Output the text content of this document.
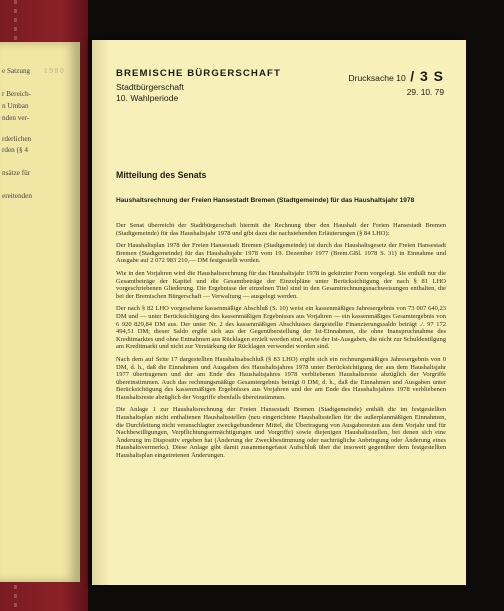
e Satzung 1 9 8 0
r Bereich-
n Umban
nden ver-
rderlichen
rden (§ 4
nsätze für
ereitenden
BREMISCHE BÜRGERSCHAFT
Stadtbürgerschaft
10. Wahlperiode
Drucksache 10 / 3 S
29. 10. 79
Mitteilung des Senats
Haushaltsrechnung der Freien Hansestadt Bremen (Stadtgemeinde) für das Haushaltsjahr 1978

Der Senat überreicht der Stadtbürgerschaft hiermit die Rechnung über den Haushalt der Freien Hansestadt Bremen (Stadtgemeinde) für das Haushaltsjahr 1978 und gibt dazu die nachstehenden Erläuterungen (§ 84 LHO):

Der Haushaltsplan 1978 der Freien Hansestadt Bremen (Stadtgemeinde) ist durch das Haushaltsgesetz der Freien Hansestadt Bremen (Stadtgemeinde) für das Haushaltsjahr 1978 vom 19. Dezember 1977 (Brem.GBl. 1978 S. 31) in Einnahme und Ausgabe auf 2 072 983 210,— DM festgestellt worden.

Wie in den Vorjahren wird die Haushaltsrechnung für das Haushaltsjahr 1978 in gekürzter Form vorgelegt. Sie enthält nur die Gesamtbeträge der Kapitel und die Gesamtbeträge der Einzelpläne unter Berücksichtigung der nach § 81 LHO vorgeschriebenen Gliederung. Die Ergebnisse der einzelnen Titel sind in den Gesamtrechnungsnachweisungen enthalten, die bei der Bremischen Bürgerschaft — Verwaltung — ausgelegt werden.

Der nach § 82 LHO vorgesehene kassenmäßige Abschluß (S. 10) weist ein kassenmäßiges Jahresergebnis von 73 007 640,23 DM und — unter Berücksichtigung des kassenmäßigen Ergebnisses aus Vorjahren — ein kassenmäßiges Gesamtergebnis von 6 920 829,84 DM aus. Der unter Nr. 2 des kassenmäßigen Abschlusses dargestellte Finanzierungssaldo beträgt ./. 97 172 494,51 DM; dieser Saldo ergibt sich aus der Gegenüberstellung der Ist-Einnahmen, die ohne Inanspruchnahme des Kreditmarktes und ohne Entnahmen aus Rücklagen erzielt worden sind, sowie der Ist-Ausgaben, die nicht zur Schuldentilgung am Kreditmarkt und nicht zur Verstärkung der Rücklagen verwendet worden sind.

Nach dem auf Seite 17 dargestellten Haushaltsabschluß (§ 83 LHO) ergibt sich ein rechnungsmäßiges Jahresergebnis von 0 DM, d. h., daß die Einnahmen und Ausgaben des Haushaltsjahres 1978 unter Berücksichtigung der aus dem Haushaltsjahr 1977 übertragenen und der am Ende des Haushaltsjahres 1978 verbliebenen Haushaltsreste abzüglich der Vorgriffe übereinstimmen. Auch das rechnungsmäßige Gesamtergebnis beträgt 0 DM, d. h., daß die Einnahmen und Ausgaben unter Berücksichtigung des kassenmäßigen Ergebnisses aus Vorjahren und der am Ende des Haushaltsjahres 1978 verbliebenen Haushaltsreste abzüglich der Vorgriffe ebenfalls übereinstimmen.

Die Anlage 1 zur Haushaltsrechnung der Freien Hansestadt Bremen (Stadtgemeinde) enthält die im festgestellten Haushaltsplan nicht enthaltenen Haushaltsstellen (neu eingerichtete Haushaltsstellen für die außerplanmäßigen Einnahmen, die Durchleitung nicht veranschlagter zweckgebundener Mittel, die Übertragung von Ausgaberesten aus dem Vorjahr und für Nachbewilligungen, Verpflichtungsermächtigungen und Vorgriffe) sowie diejenigen Haushaltsstellen, bei denen sich eine Änderung im Dispositiv ergeben hat (Änderung der Zweckbestimmung oder nachträgliche Anbringung oder Änderung eines Haushaltsvermerks). Diese Anlage gibt damit zusammengefasst Aufschluß über die insoweit gegenüber dem festgestellten Haushaltsplan eingetretenen Änderungen.
